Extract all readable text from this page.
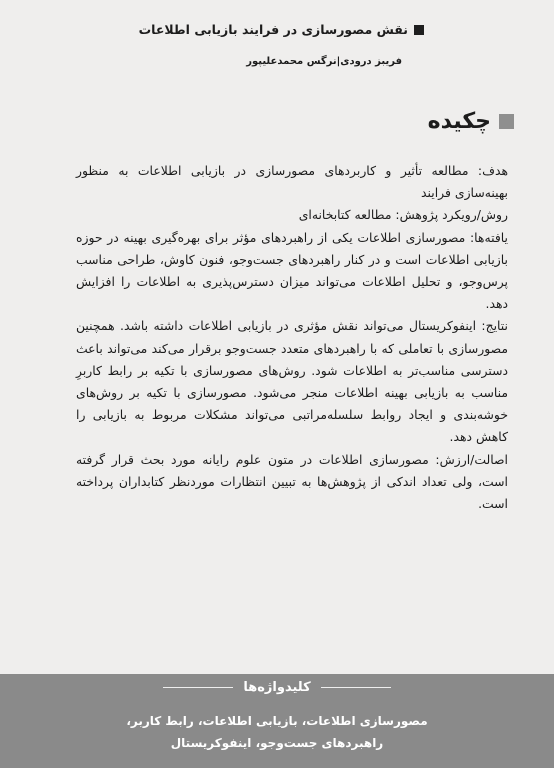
نقش مصورسازی در فرایند بازیابی اطلاعات
فریبز درودی|نرگس محمدعلیپور
چکیده

هدف: مطالعه تأثیر و کاربردهای مصورسازی در بازیابی اطلاعات به منظور بهینه‌سازی فرایند

روش/رویکرد پژوهش: مطالعه کتابخانه‌ای

یافته‌ها: مصورسازی اطلاعات یکی از راهبردهای مؤثر برای بهره‌گیری بهینه در حوزه بازیابی اطلاعات است و در کنار راهبردهای جست‌وجو، فنون کاوش، طراحی مناسب پرس‌وجو، و تحلیل اطلاعات می‌تواند میزان دسترس‌پذیری به اطلاعات را افزایش دهد.

نتایج: اینفوکریستال می‌تواند نقش مؤثری در بازیابی اطلاعات داشته باشد. همچنین مصورسازی با تعاملی که با راهبردهای متعدد جست‌وجو برقرار می‌کند می‌تواند باعث دسترسی مناسب‌تر به اطلاعات شود. روش‌های مصورسازی با تکیه بر رابط کاربرِ مناسب به بازیابی بهینه اطلاعات منجر می‌شود. مصورسازی با تکیه بر روش‌های خوشه‌بندی و ایجاد روابط سلسله‌مراتبی می‌تواند مشکلات مربوط به بازیابی را کاهش دهد.

اصالت/ارزش: مصورسازی اطلاعات در متون علوم رایانه مورد بحث قرار گرفته است، ولی تعداد اندکی از پژوهش‌ها به تبیین انتظارات موردنظر کتابداران پرداخته است.

کلیدواژه‌ها
مصورسازی اطلاعات، بازیابی اطلاعات، رابط کاربر،
راهبردهای جست‌وجو، اینفوکریستال
